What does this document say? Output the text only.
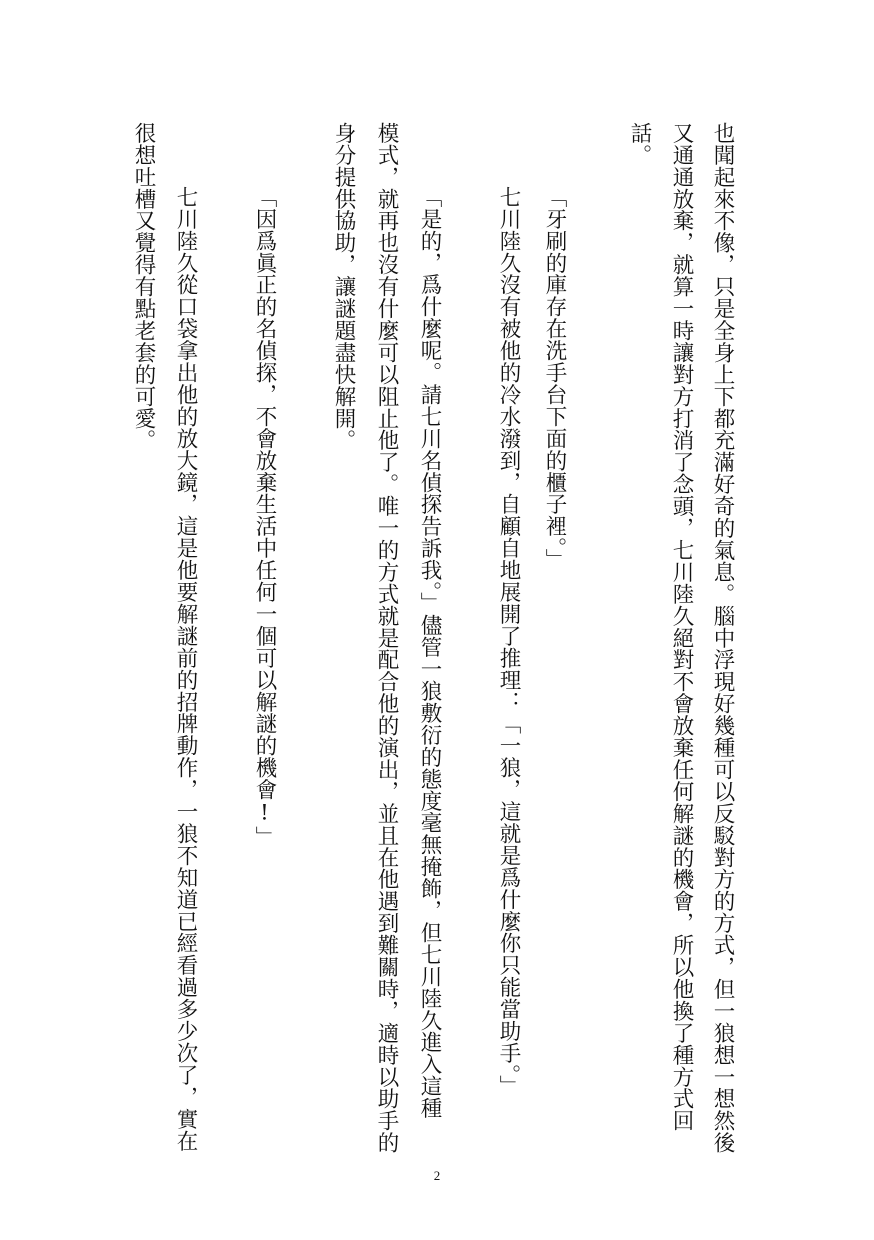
也聞起來不像，只是全身上下都充滿好奇的氣息。腦中浮現好幾種可以反駁對方的方式，但一狼想一想然後
又通通放棄，就算一時讓對方打消了念頭，七川陸久絕對不會放棄任何解謎的機會，所以他換了種方式回
話。
「牙刷的庫存在洗手台下面的櫃子裡。」
七川陸久沒有被他的冷水潑到，自顧自地展開了推理：「一狼，這就是爲什麼你只能當助手。」
「是的，爲什麼呢。請七川名偵探告訴我。」儘管一狼敷衍的態度毫無掩飾，但七川陸久進入這種
模式，就再也沒有什麼可以阻止他了。唯一的方式就是配合他的演出，並且在他遇到難關時，適時以助手的
身分提供協助，讓謎題盡快解開。
「因爲眞正的名偵探，不會放棄生活中任何一個可以解謎的機會!」
七川陸久從口袋拿出他的放大鏡，這是他要解謎前的招牌動作，一狼不知道已經看過多少次了，實在
很想吐槽又覺得有點老套的可愛。
2
